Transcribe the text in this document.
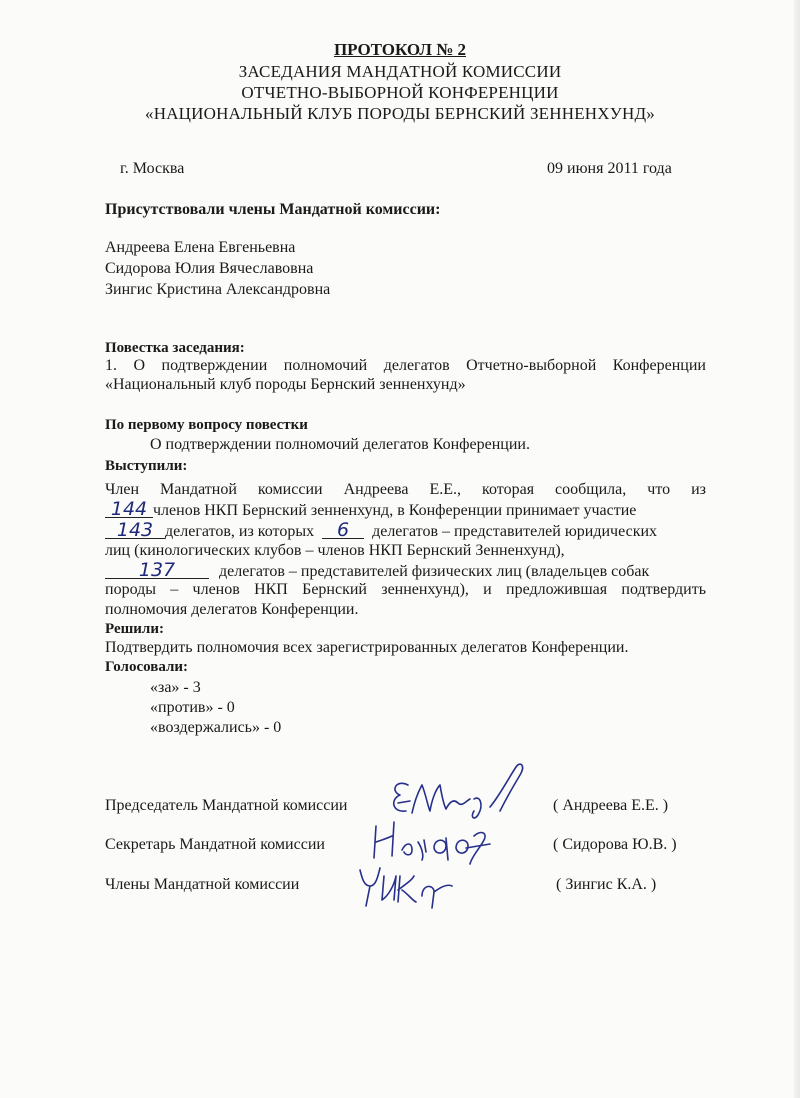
ПРОТОКОЛ № 2
ЗАСЕДАНИЯ МАНДАТНОЙ КОМИССИИ
ОТЧЕТНО-ВЫБОРНОЙ КОНФЕРЕНЦИИ
«НАЦИОНАЛЬНЫЙ КЛУБ ПОРОДЫ БЕРНСКИЙ ЗЕННЕНХУНД»
г. Москва	09 июня 2011 года
Присутствовали члены Мандатной комиссии:
Андреева Елена Евгеньевна
Сидорова Юлия Вячеславовна
Зингис Кристина Александровна
Повестка заседания:
1. О подтверждении полномочий делегатов Отчетно-выборной Конференции
«Национальный клуб породы Бернский зенненхунд»
По первому вопросу повестки
О подтверждении полномочий делегатов Конференции.
Выступили:
Член Мандатной комиссии Андреева Е.Е., которая сообщила, что из
144 членов НКП Бернский зенненхунд, в Конференции принимает участие
143 делегатов, из которых 6 делегатов – представителей юридических
лиц (кинологических клубов – членов НКП Бернский Зенненхунд),
137	делегатов – представителей физических лиц (владельцев собак
породы – членов НКП Бернский зенненхунд), и предложившая подтвердить
полномочия делегатов Конференции.
Решили:
Подтвердить полномочия всех зарегистрированных делегатов Конференции.
Голосовали:
«за» - 3
«против» - 0
«воздержались» - 0
Председатель Мандатной комиссии	( Андреева Е.Е. )
Секретарь Мандатной комиссии	( Сидорова Ю.В. )
Члены Мандатной комиссии	( Зингис К.А. )
